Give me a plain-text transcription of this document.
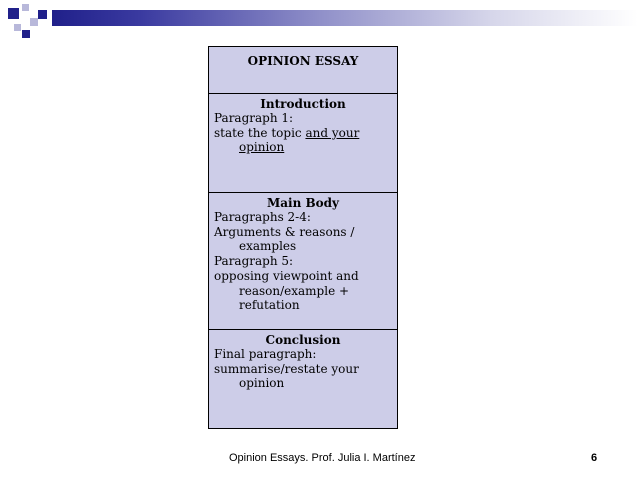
OPINION ESSAY
Introduction
Paragraph 1:
state the topic and your
opinion
Main Body
Paragraphs 2-4:
Arguments & reasons /
examples
Paragraph 5:
opposing viewpoint and
reason/example +
refutation
Conclusion
Final paragraph:
summarise/restate your
opinion
Opinion Essays. Prof. Julia I. Martínez	6
